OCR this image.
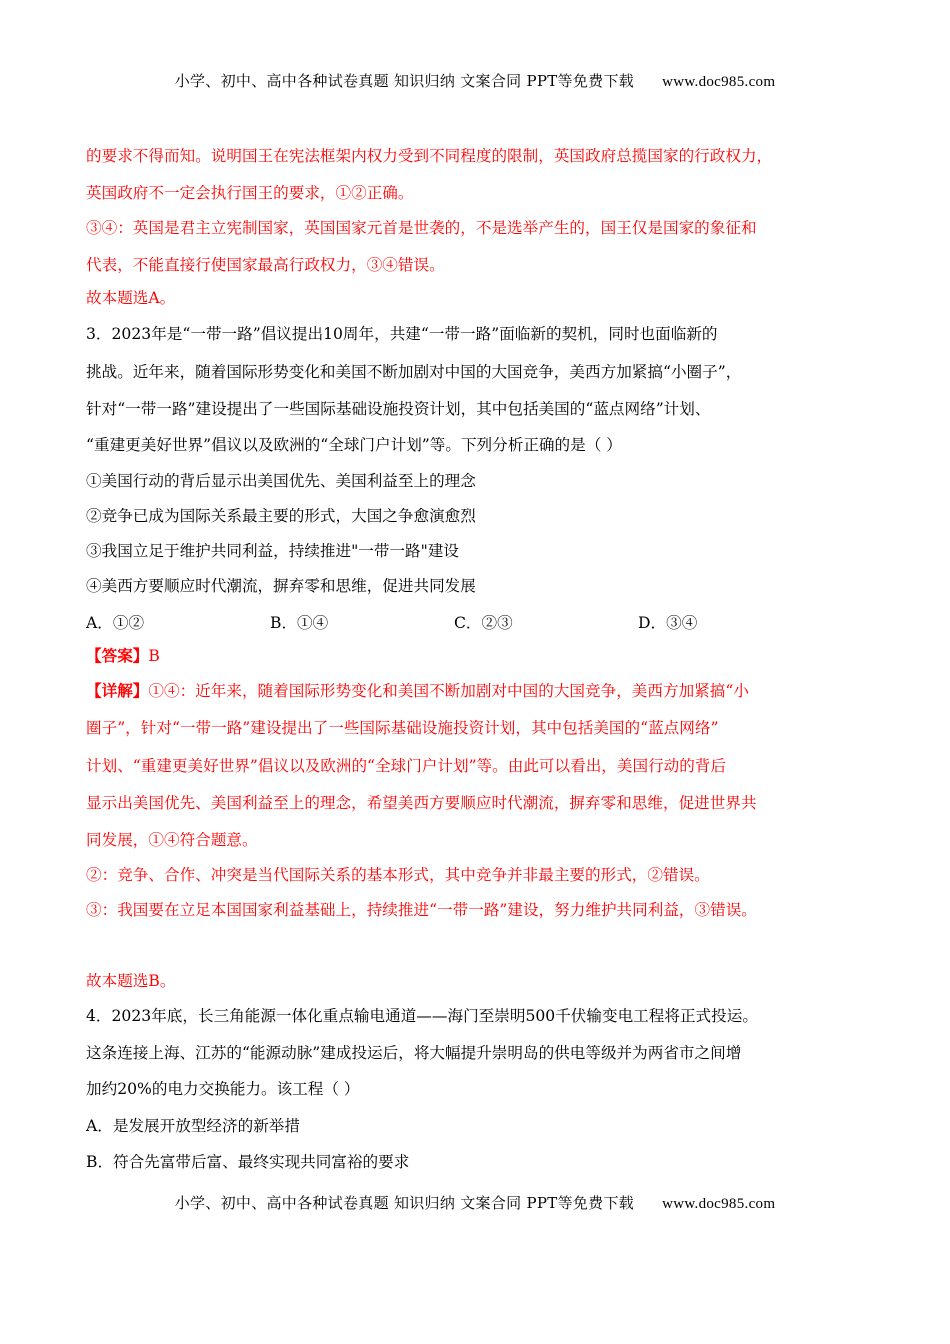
小学、初中、高中各种试卷真题 知识归纳 文案合同 PPT等免费下载 www.doc985.com
的要求不得而知。说明国王在宪法框架内权力受到不同程度的限制，英国政府总揽国家的行政权力，
英国政府不一定会执行国王的要求，①②正确。
③④：英国是君主立宪制国家，英国国家元首是世袭的，不是选举产生的，国王仅是国家的象征和
代表，不能直接行使国家最高行政权力，③④错误。
故本题选A。
3．2023年是“一带一路”倡议提出10周年，共建“一带一路”面临新的契机，同时也面临新的
挑战。近年来，随着国际形势变化和美国不断加剧对中国的大国竞争，美西方加紧搞“小圈子”，
针对“一带一路”建设提出了一些国际基础设施投资计划，其中包括美国的“蓝点网络”计划、
“重建更美好世界”倡议以及欧洲的“全球门户计划”等。下列分析正确的是（ ）
①美国行动的背后显示出美国优先、美国利益至上的理念
②竞争已成为国际关系最主要的形式，大国之争愈演愈烈
③我国立足于维护共同利益，持续推进"一带一路"建设
④美西方要顺应时代潮流，摒弃零和思维，促进共同发展
A．①②	B．①④	C．②③	D．③④
【答案】B
【详解】①④：近年来，随着国际形势变化和美国不断加剧对中国的大国竞争，美西方加紧搞“小
圈子”，针对“一带一路”建设提出了一些国际基础设施投资计划，其中包括美国的“蓝点网络”
计划、“重建更美好世界”倡议以及欧洲的“全球门户计划”等。由此可以看出，美国行动的背后
显示出美国优先、美国利益至上的理念，希望美西方要顺应时代潮流，摒弃零和思维，促进世界共
同发展，①④符合题意。
②：竞争、合作、冲突是当代国际关系的基本形式，其中竞争并非最主要的形式，②错误。
③：我国要在立足本国国家利益基础上，持续推进“一带一路”建设，努力维护共同利益，③错误。
故本题选B。
4．2023年底，长三角能源一体化重点输电通道——海门至崇明500千伏输变电工程将正式投运。
这条连接上海、江苏的“能源动脉”建成投运后，将大幅提升崇明岛的供电等级并为两省市之间增
加约20%的电力交换能力。该工程（ ）
A．是发展开放型经济的新举措
B．符合先富带后富、最终实现共同富裕的要求
小学、初中、高中各种试卷真题 知识归纳 文案合同 PPT等免费下载 www.doc985.com
